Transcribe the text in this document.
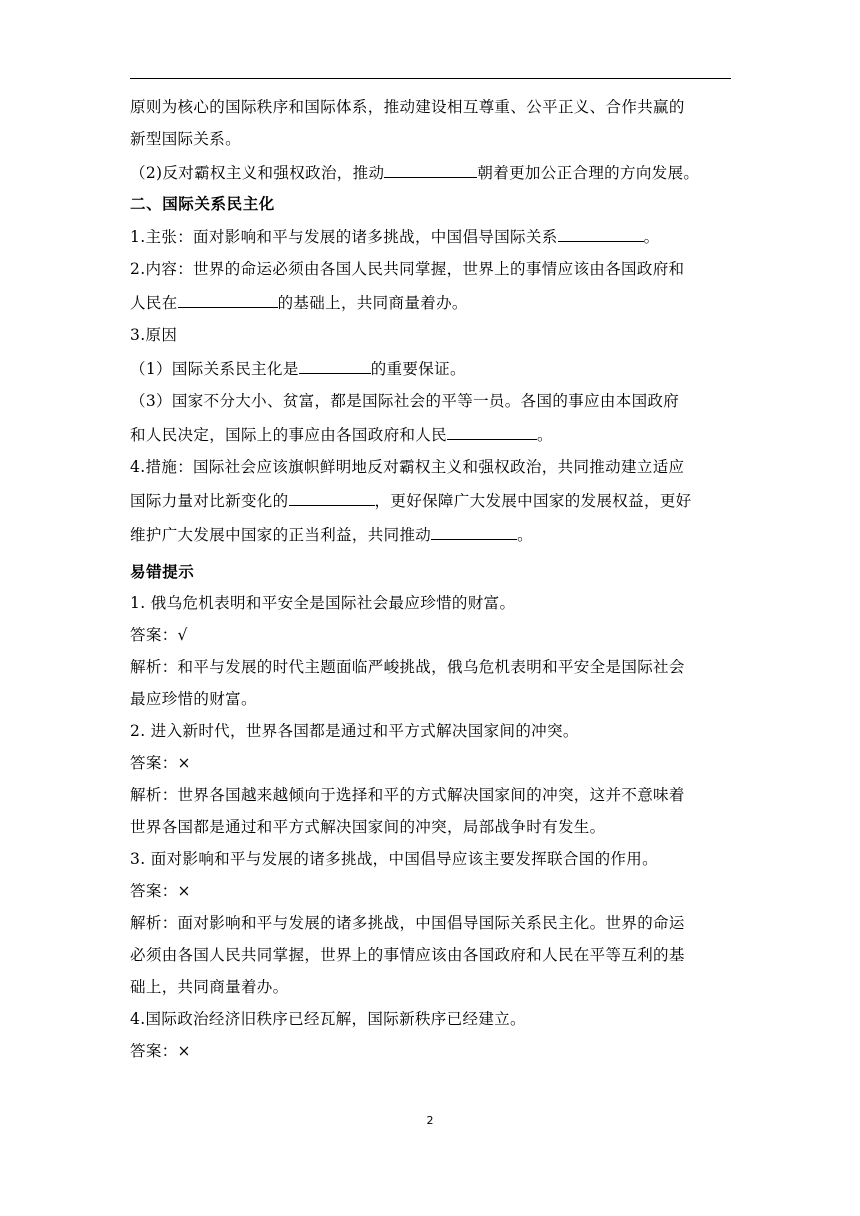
原则为核心的国际秩序和国际体系，推动建设相互尊重、公平正义、合作共赢的
新型国际关系。
（2)反对霸权主义和强权政治，推动	朝着更加公正合理的方向发展。
二、国际关系民主化
1.主张：面对影响和平与发展的诸多挑战，中国倡导国际关系	。
2.内容：世界的命运必须由各国人民共同掌握，世界上的事情应该由各国政府和
人民在	的基础上，共同商量着办。
3.原因
（1）国际关系民主化是	的重要保证。
（3）国家不分大小、贫富，都是国际社会的平等一员。各国的事应由本国政府
和人民决定，国际上的事应由各国政府和人民	。
4.措施：国际社会应该旗帜鲜明地反对霸权主义和强权政治，共同推动建立适应
国际力量对比新变化的	，更好保障广大发展中国家的发展权益，更好
维护广大发展中国家的正当利益，共同推动	。
易错提示
1. 俄乌危机表明和平安全是国际社会最应珍惜的财富。
答案：√
解析：和平与发展的时代主题面临严峻挑战，俄乌危机表明和平安全是国际社会
最应珍惜的财富。
2. 进入新时代，世界各国都是通过和平方式解决国家间的冲突。
答案：×
解析：世界各国越来越倾向于选择和平的方式解决国家间的冲突，这并不意味着
世界各国都是通过和平方式解决国家间的冲突，局部战争时有发生。
3. 面对影响和平与发展的诸多挑战，中国倡导应该主要发挥联合国的作用。
答案：×
解析：面对影响和平与发展的诸多挑战，中国倡导国际关系民主化。世界的命运
必须由各国人民共同掌握，世界上的事情应该由各国政府和人民在平等互利的基
础上，共同商量着办。
4.国际政治经济旧秩序已经瓦解，国际新秩序已经建立。
答案：×
2
